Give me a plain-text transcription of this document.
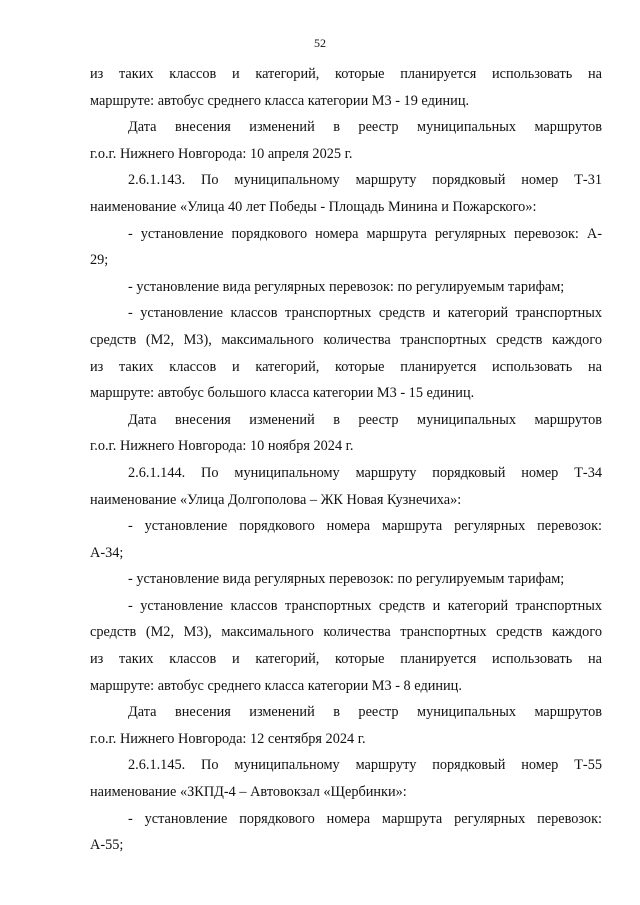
52
из таких классов и категорий, которые планируется использовать на
маршруте: автобус среднего класса категории М3 - 19 единиц.
Дата внесения изменений в реестр муниципальных маршрутов
г.о.г. Нижнего Новгорода: 10 апреля 2025 г.
2.6.1.143. По муниципальному маршруту порядковый номер Т-31
наименование «Улица 40 лет Победы - Площадь Минина и Пожарского»:
- установление порядкового номера маршрута регулярных перевозок: А-
29;
- установление вида регулярных перевозок: по регулируемым тарифам;
- установление классов транспортных средств и категорий транспортных
средств (М2, М3), максимального количества транспортных средств каждого
из таких классов и категорий, которые планируется использовать на
маршруте: автобус большого класса категории М3 - 15 единиц.
Дата внесения изменений в реестр муниципальных маршрутов
г.о.г. Нижнего Новгорода: 10 ноября 2024 г.
2.6.1.144. По муниципальному маршруту порядковый номер Т-34
наименование «Улица Долгополова – ЖК Новая Кузнечиха»:
- установление порядкового номера маршрута регулярных перевозок:
А-34;
- установление вида регулярных перевозок: по регулируемым тарифам;
- установление классов транспортных средств и категорий транспортных
средств (М2, М3), максимального количества транспортных средств каждого
из таких классов и категорий, которые планируется использовать на
маршруте: автобус среднего класса категории М3 - 8 единиц.
Дата внесения изменений в реестр муниципальных маршрутов
г.о.г. Нижнего Новгорода: 12 сентября 2024 г.
2.6.1.145. По муниципальному маршруту порядковый номер Т-55
наименование «ЗКПД-4 – Автовокзал «Щербинки»:
- установление порядкового номера маршрута регулярных перевозок:
А-55;
